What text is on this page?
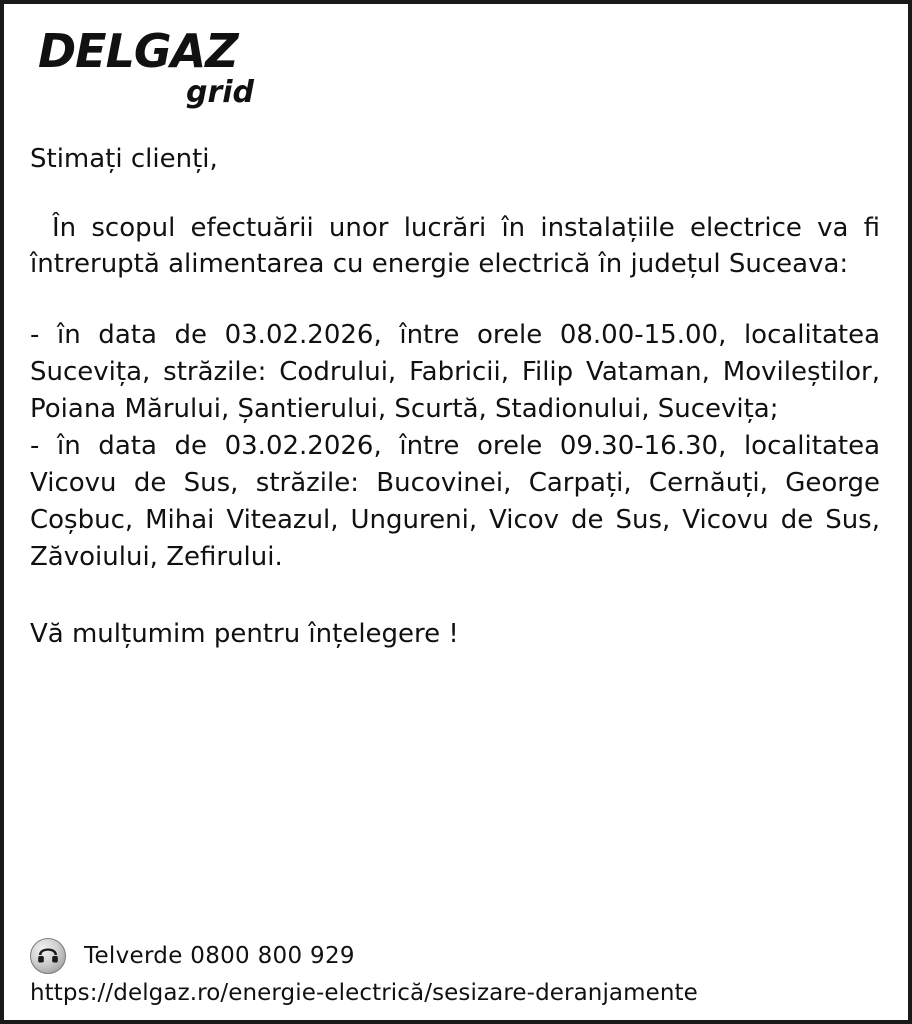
DELGAZ
grid
Stimați clienți,

În scopul efectuării unor lucrări în instalațiile electrice va fi întreruptă alimentarea cu energie electrică în județul Suceava:

- în data de 03.02.2026, între orele 08.00-15.00, localitatea Sucevița, străzile: Codrului, Fabricii, Filip Vataman, Movileștilor, Poiana Mărului, Șantierului, Scurtă, Stadionului, Sucevița;

- în data de 03.02.2026, între orele 09.30-16.30, localitatea Vicovu de Sus, străzile: Bucovinei, Carpați, Cernăuți, George Coșbuc, Mihai Viteazul, Ungureni, Vicov de Sus, Vicovu de Sus, Zăvoiului, Zefirului.

Vă mulțumim pentru înțelegere !
Telverde 0800 800 929
https://delgaz.ro/energie-electrică/sesizare-deranjamente
